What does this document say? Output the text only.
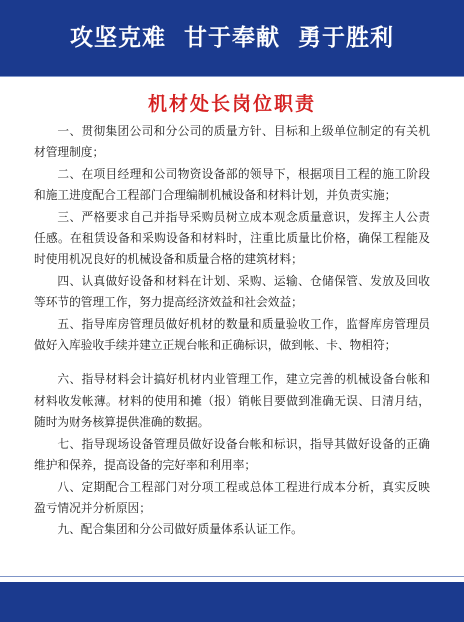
攻坚克难  甘于奉献  勇于胜利
机材处长岗位职责

一、贯彻集团公司和分公司的质量方针、目标和上级单位制定的有关机材管理制度；

二、在项目经理和公司物资设备部的领导下，根据项目工程的施工阶段和施工进度配合工程部门合理编制机械设备和材料计划，并负责实施；

三、严格要求自己并指导采购员树立成本观念质量意识，发挥主人公责任感。在租赁设备和采购设备和材料时，注重比质量比价格，确保工程能及时使用机况良好的机械设备和质量合格的建筑材料；

四、认真做好设备和材料在计划、采购、运输、仓储保管、发放及回收等环节的管理工作，努力提高经济效益和社会效益；

五、指导库房管理员做好机材的数量和质量验收工作，监督库房管理员做好入库验收手续并建立正规台帐和正确标识，做到帐、卡、物相符；

六、指导材料会计搞好机材内业管理工作，建立完善的机械设备台帐和材料收发帐薄。材料的使用和摊（报）销帐目要做到准确无误、日清月结，随时为财务核算提供准确的数据。

七、指导现场设备管理员做好设备台帐和标识，指导其做好设备的正确维护和保养，提高设备的完好率和利用率；

八、定期配合工程部门对分项工程或总体工程进行成本分析，真实反映盈亏情况并分析原因；

九、配合集团和分公司做好质量体系认证工作。
